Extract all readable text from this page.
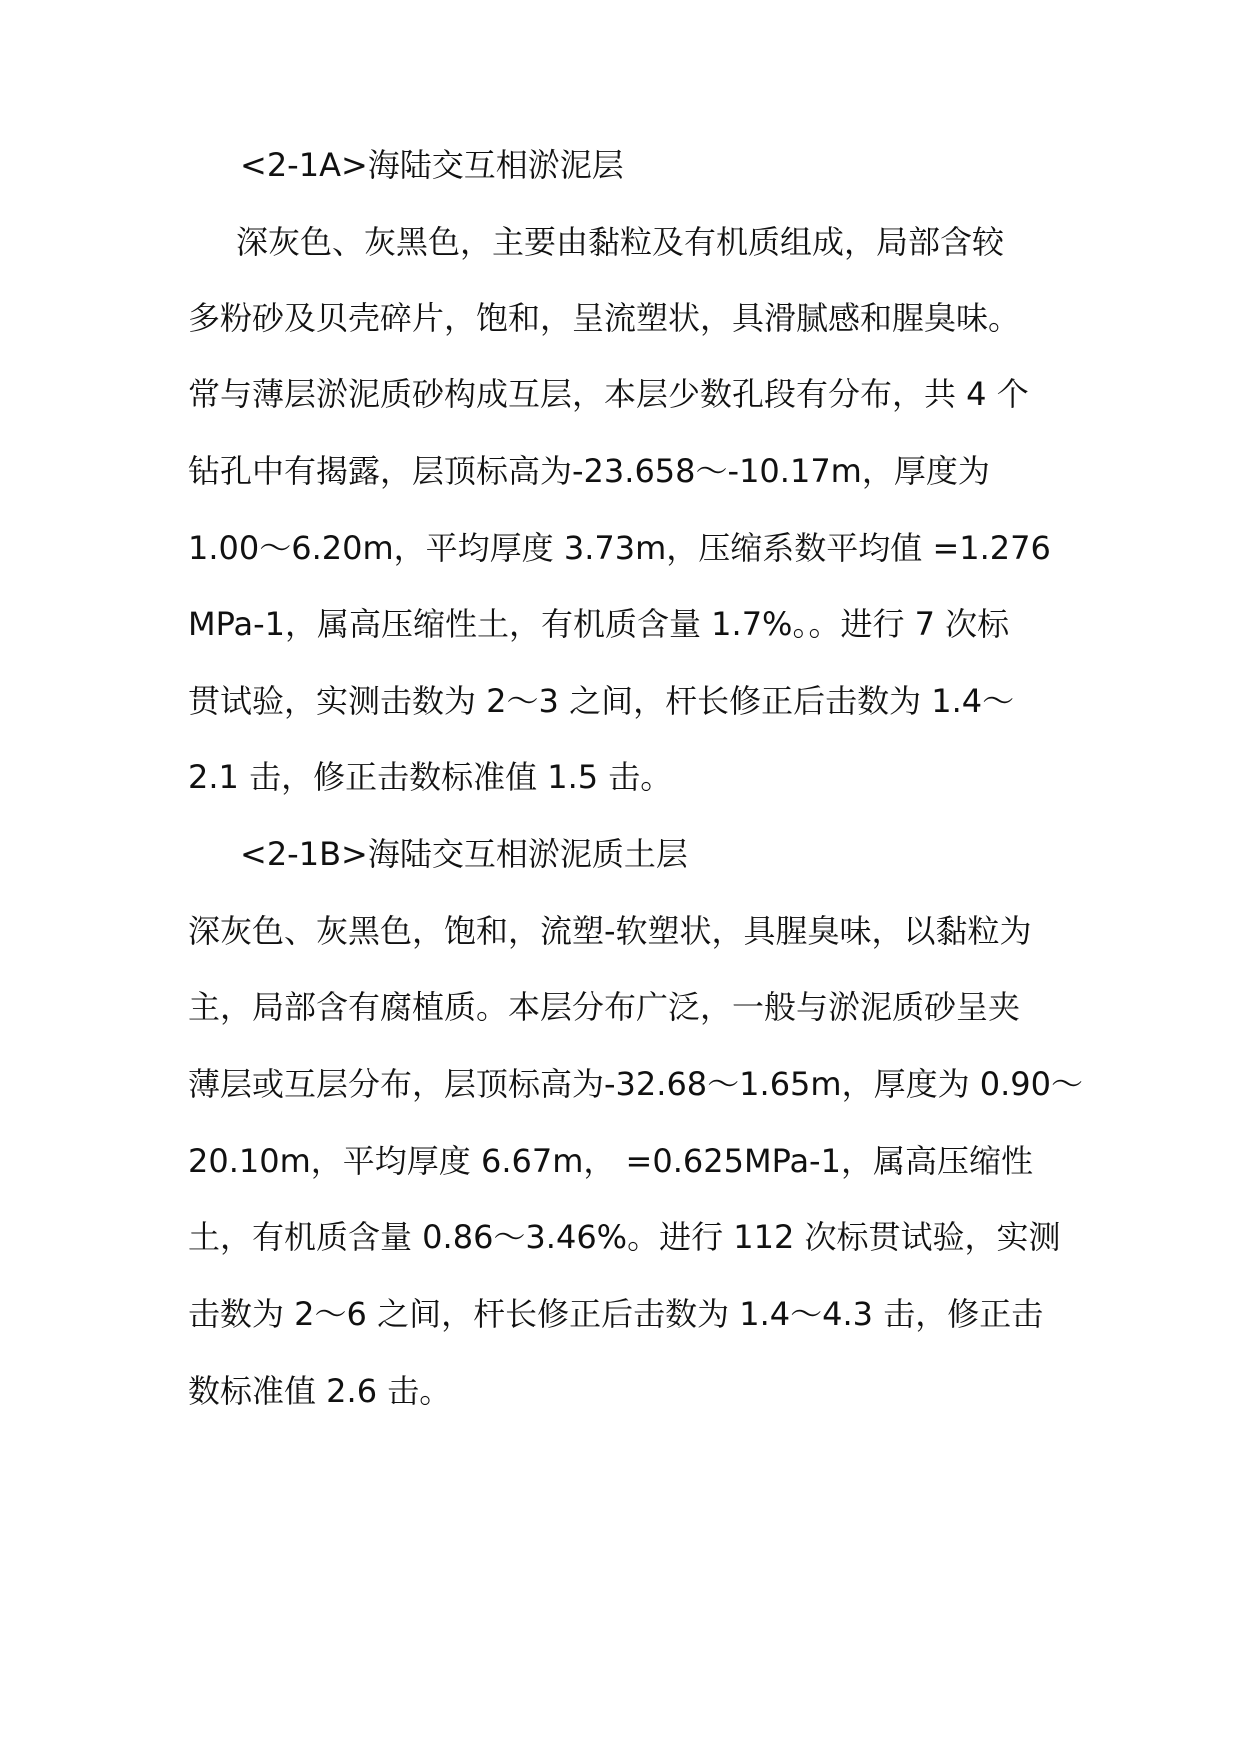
<2-1A>海陆交互相淤泥层
深灰色、灰黑色，主要由黏粒及有机质组成，局部含较
多粉砂及贝壳碎片，饱和，呈流塑状，具滑腻感和腥臭味。
常与薄层淤泥质砂构成互层，本层少数孔段有分布，共 4 个
钻孔中有揭露，层顶标高为-23.658～-10.17m，厚度为
1.00～6.20m，平均厚度 3.73m，压缩系数平均值 =1.276
MPa-1，属高压缩性土，有机质含量 1.7%。。进行 7 次标
贯试验，实测击数为 2～3 之间，杆长修正后击数为 1.4～
2.1 击，修正击数标准值 1.5 击。
<2-1B>海陆交互相淤泥质土层
深灰色、灰黑色，饱和，流塑-软塑状，具腥臭味，以黏粒为
主，局部含有腐植质。本层分布广泛，一般与淤泥质砂呈夹
薄层或互层分布，层顶标高为-32.68～1.65m，厚度为 0.90～
20.10m，平均厚度 6.67m， =0.625MPa-1，属高压缩性
土，有机质含量 0.86～3.46%。进行 112 次标贯试验，实测
击数为 2～6 之间，杆长修正后击数为 1.4～4.3 击，修正击
数标准值 2.6 击。
